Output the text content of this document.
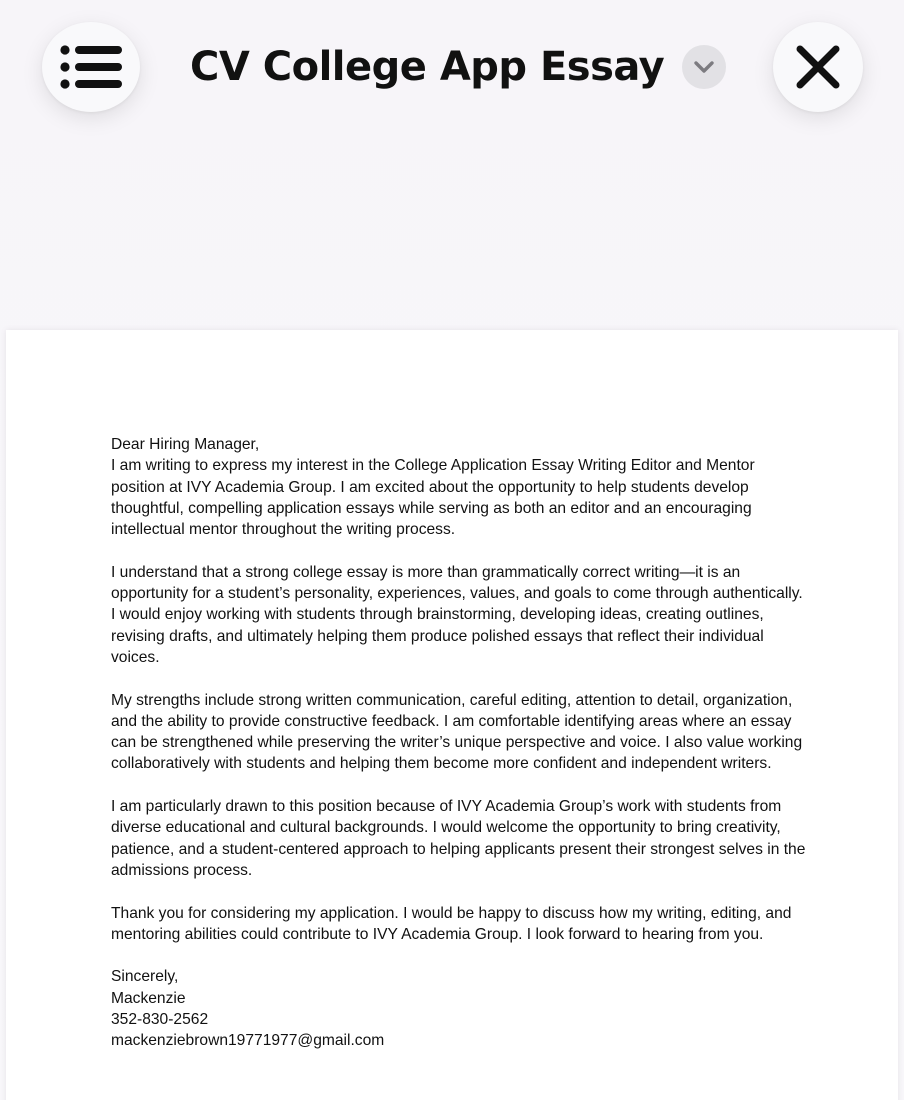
CV College App Essay
Dear Hiring Manager,

I am writing to express my interest in the College Application Essay Writing Editor and Mentor position at IVY Academia Group. I am excited about the opportunity to help students develop thoughtful, compelling application essays while serving as both an editor and an encouraging intellectual mentor throughout the writing process.

I understand that a strong college essay is more than grammatically correct writing—it is an opportunity for a student’s personality, experiences, values, and goals to come through authentically. I would enjoy working with students through brainstorming, developing ideas, creating outlines, revising drafts, and ultimately helping them produce polished essays that reflect their individual voices.

My strengths include strong written communication, careful editing, attention to detail, organization, and the ability to provide constructive feedback. I am comfortable identifying areas where an essay can be strengthened while preserving the writer’s unique perspective and voice. I also value working collaboratively with students and helping them become more confident and independent writers.

I am particularly drawn to this position because of IVY Academia Group’s work with students from diverse educational and cultural backgrounds. I would welcome the opportunity to bring creativity, patience, and a student-centered approach to helping applicants present their strongest selves in the admissions process.

Thank you for considering my application. I would be happy to discuss how my writing, editing, and mentoring abilities could contribute to IVY Academia Group. I look forward to hearing from you.

Sincerely,
Mackenzie
352-830-2562
mackenziebrown19771977@gmail.com
